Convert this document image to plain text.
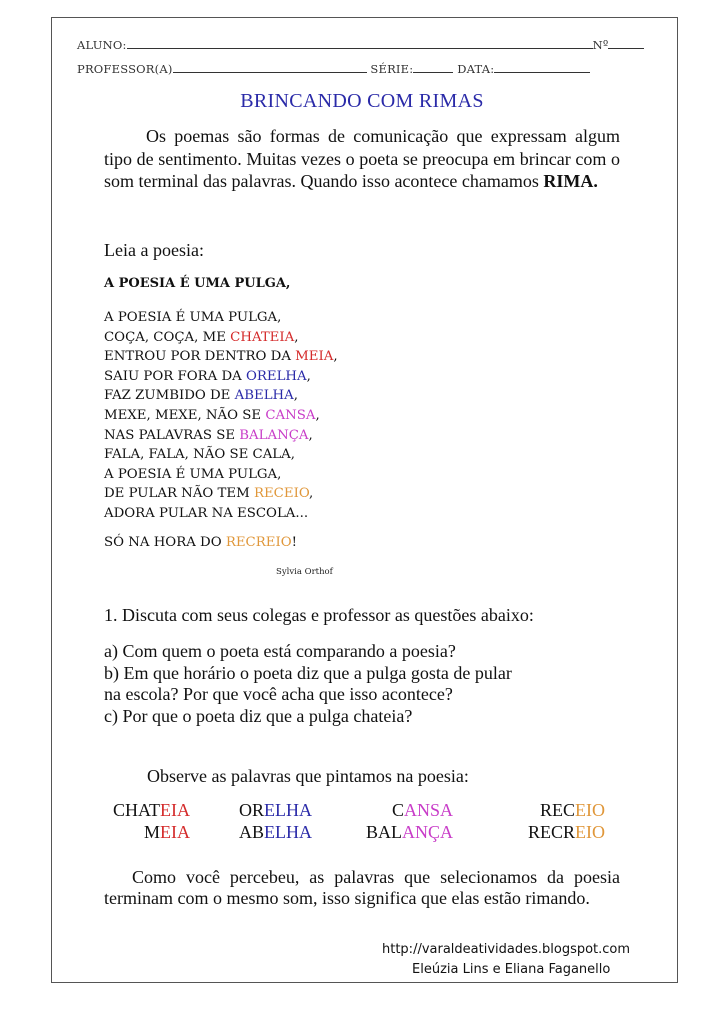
ALUNO:	Nº
PROFESSOR(A)	SÉRIE:	DATA:
BRINCANDO COM RIMAS
Os poemas são formas de comunicação que expressam algum tipo de sentimento. Muitas vezes o poeta se preocupa em brincar com o som terminal das palavras. Quando isso acontece chamamos RIMA.
Leia a poesia:
A POESIA É UMA PULGA,
A POESIA É UMA PULGA,
COÇA, COÇA, ME CHATEIA,
ENTROU POR DENTRO DA MEIA,
SAIU POR FORA DA ORELHA,
FAZ ZUMBIDO DE ABELHA,
MEXE, MEXE, NÃO SE CANSA,
NAS PALAVRAS SE BALANÇA,
FALA, FALA, NÃO SE CALA,
A POESIA É UMA PULGA,
DE PULAR NÃO TEM RECEIO,
ADORA PULAR NA ESCOLA...
SÓ NA HORA DO RECREIO!
Sylvia Orthof
1. Discuta com seus colegas e professor as questões abaixo:
a) Com quem o poeta está comparando a poesia?
b) Em que horário o poeta diz que a pulga gosta de pular
na escola? Por que você acha que isso acontece?
c) Por que o poeta diz que a pulga chateia?
Observe as palavras que pintamos na poesia:
CHATEIA	ORELHA	CANSA	RECEIO
MEIA	ABELHA	BALANÇA	RECREIO
Como você percebeu, as palavras que selecionamos da poesia terminam com o mesmo som, isso significa que elas estão rimando.
http://varaldeatividades.blogspot.com
Eleúzia Lins e Eliana Faganello
